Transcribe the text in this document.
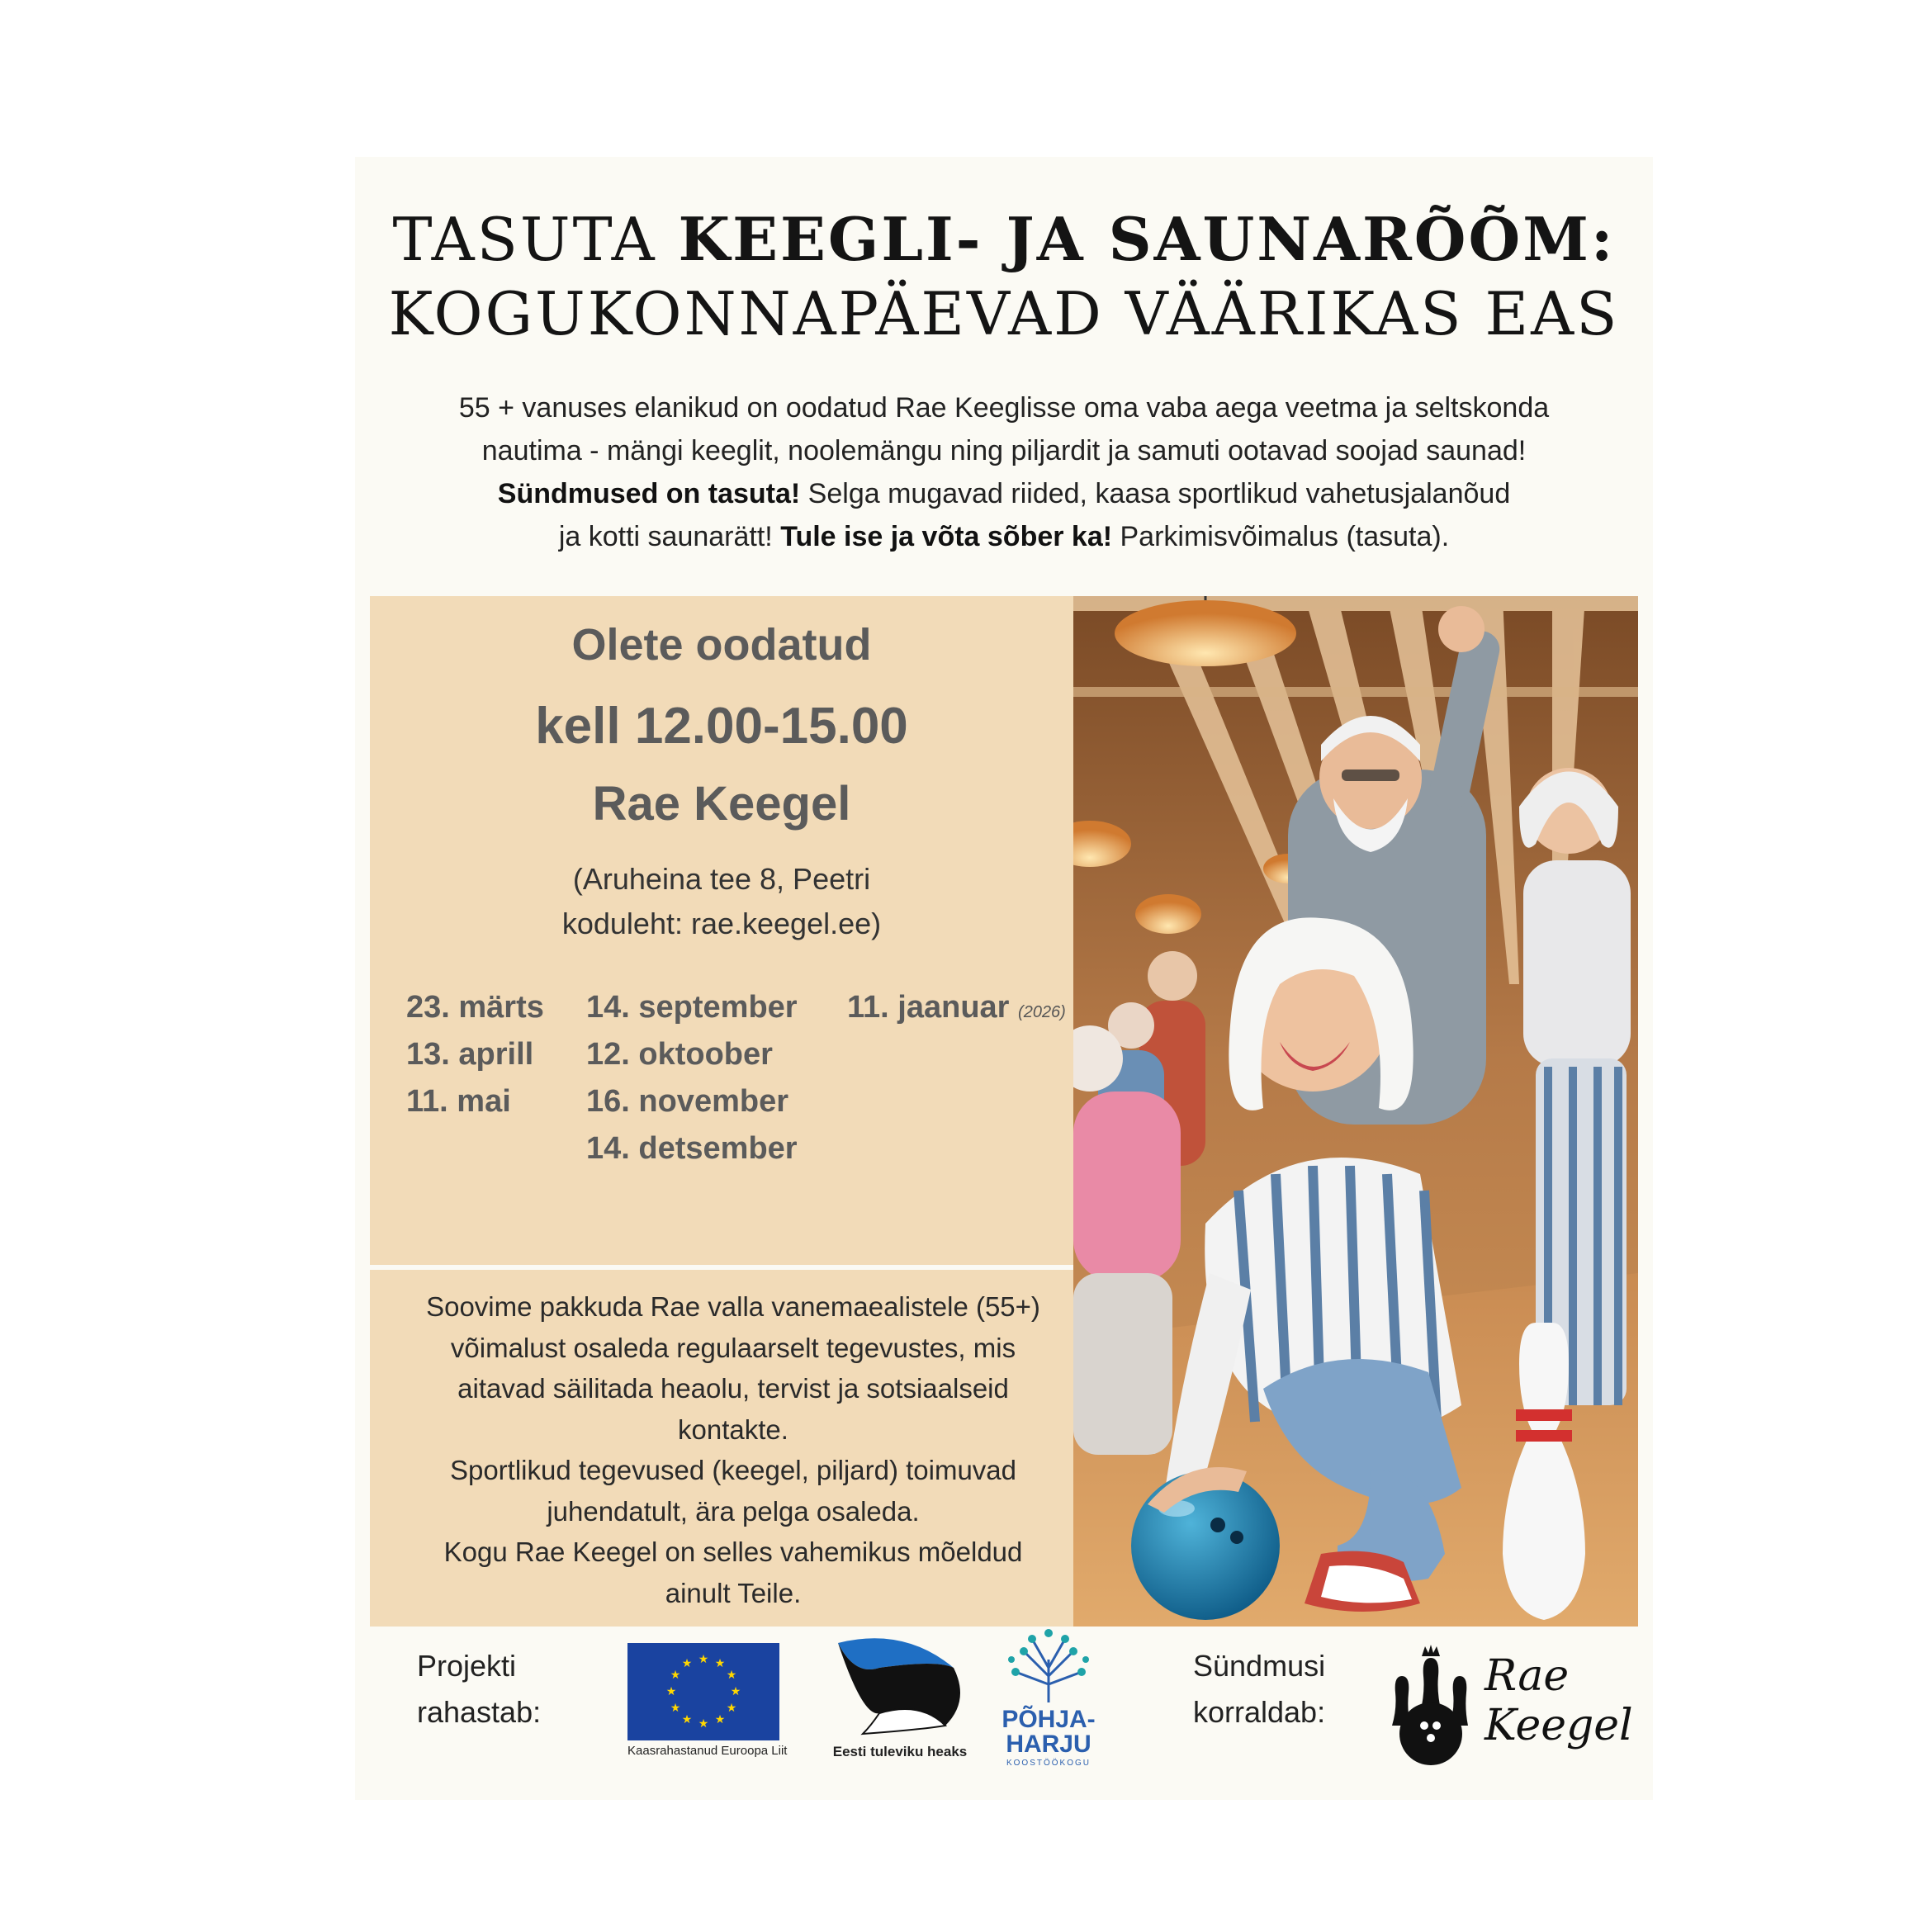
TASUTA KEEGLI- JA SAUNARÕÕM:
KOGUKONNAPÄEVAD VÄÄRIKAS EAS
55 + vanuses elanikud on oodatud Rae Keeglisse oma vaba aega veetma ja seltskonda
nautima - mängi keeglit, noolemängu ning piljardit ja samuti ootavad soojad saunad!
Sündmused on tasuta! Selga mugavad riided, kaasa sportlikud vahetusjalanõud
ja kotti saunarätt! Tule ise ja võta sõber ka! Parkimisvõimalus (tasuta).
Olete oodatud
kell 12.00-15.00
Rae Keegel
(Aruheina tee 8, Peetri
koduleht: rae.keegel.ee)
23. märts
13. aprill
11. mai
14. september
12. oktoober
16. november
14. detsember
11. jaanuar (2026)
Soovime pakkuda Rae valla vanemaealistele (55+)
võimalust osaleda regulaarselt tegevustes, mis
aitavad säilitada heaolu, tervist ja sotsiaalseid
kontakte.
Sportlikud tegevused (keegel, piljard) toimuvad
juhendatult, ära pelga osaleda.
Kogu Rae Keegel on selles vahemikus mõeldud
ainult Teile.
Projekti
rahastab:
★ ★
★
★
★
★
★
★
★
★
★
★
Kaasrahastanud Euroopa Liit	Eesti tuleviku heaks
PÕHJA-
HARJU
KOOSTÖÖKOGU
Sündmusi
korraldab:
Rae
Keegel
